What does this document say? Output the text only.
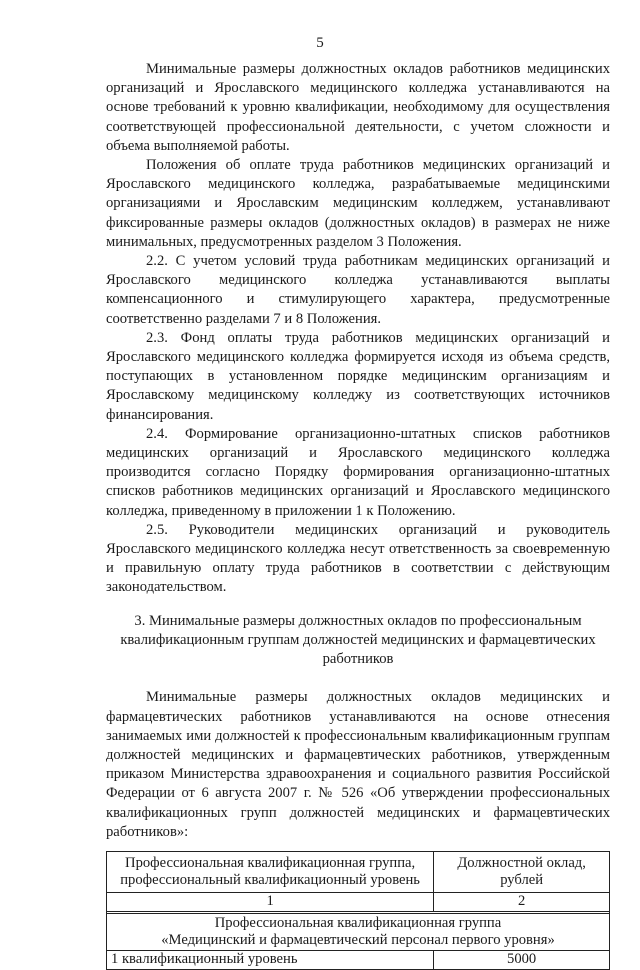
5

Минимальные размеры должностных окладов работников медицинских организаций и Ярославского медицинского колледжа устанавливаются на основе требований к уровню квалификации, необходимому для осуществления соответствующей профессиональной деятельности, с учетом сложности и объема выполняемой работы.

Положения об оплате труда работников медицинских организаций и Ярославского медицинского колледжа, разрабатываемые медицинскими организациями и Ярославским медицинским колледжем, устанавливают фиксированные размеры окладов (должностных окладов) в размерах не ниже минимальных, предусмотренных разделом 3 Положения.

2.2. С учетом условий труда работникам медицинских организаций и Ярославского медицинского колледжа устанавливаются выплаты компенсационного и стимулирующего характера, предусмотренные соответственно разделами 7 и 8 Положения.

2.3. Фонд оплаты труда работников медицинских организаций и Ярославского медицинского колледжа формируется исходя из объема средств, поступающих в установленном порядке медицинским организациям и Ярославскому медицинскому колледжу из соответствующих источников финансирования.

2.4. Формирование организационно-штатных списков работников медицинских организаций и Ярославского медицинского колледжа производится согласно Порядку формирования организационно-штатных списков работников медицинских организаций и Ярославского медицинского колледжа, приведенному в приложении 1 к Положению.

2.5. Руководители медицинских организаций и руководитель Ярославского медицинского колледжа несут ответственность за своевременную и правильную оплату труда работников в соответствии с действующим законодательством.

3. Минимальные размеры должностных окладов по профессиональным
квалификационным группам должностей медицинских и фармацевтических
работников

Минимальные размеры должностных окладов медицинских и фармацевтических работников устанавливаются на основе отнесения занимаемых ими должностей к профессиональным квалификационным группам должностей медицинских и фармацевтических работников, утвержденным приказом Министерства здравоохранения и социального развития Российской Федерации от 6 августа 2007 г. № 526 «Об утверждении профессиональных квалификационных групп должностей медицинских и фармацевтических работников»:

Профессиональная квалификационная группа, профессиональный квалификационный уровень	Должностной оклад, рублей
1	2

Профессиональная квалификационная группа
«Медицинский и фармацевтический персонал первого уровня»	

1 квалификационный уровень	5000
